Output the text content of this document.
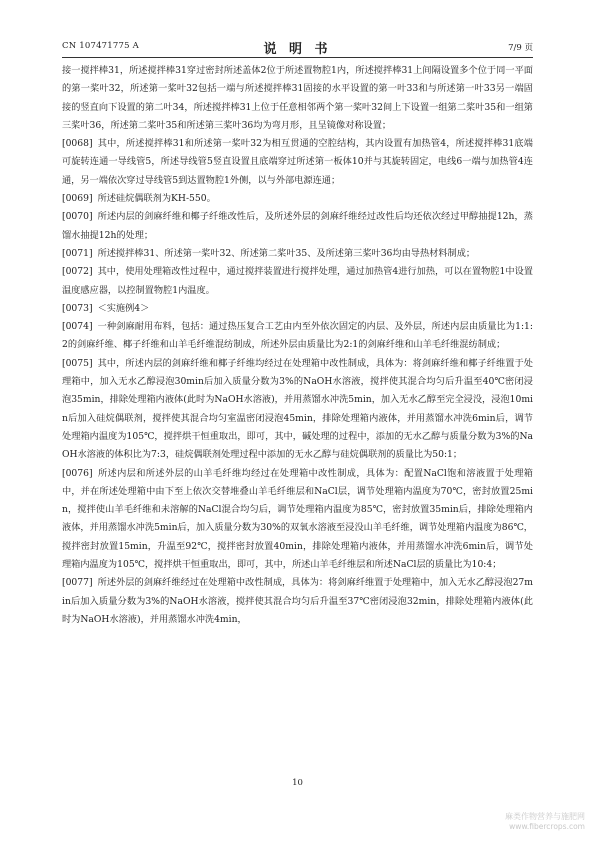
CN 107471775 A	说 明 书	7/9 页

接一搅拌棒31，所述搅拌棒31穿过密封所述盖体2位于所述置物腔1内，所述搅拌棒31上间隔设置多个位于同一平面的第一桨叶32，所述第一桨叶32包括一端与所述搅拌棒31固接的水平设置的第一叶33和与所述第一叶33另一端固接的竖直向下设置的第二叶34，所述搅拌棒31上位于任意相邻两个第一桨叶32间上下设置一组第二桨叶35和一组第三桨叶36，所述第二桨叶35和所述第三桨叶36均为弯月形，且呈镜像对称设置；

[0068] 其中，所述搅拌棒31和所述第一桨叶32为相互贯通的空腔结构，其内设置有加热管4，所述搅拌棒31底端可旋转连通一导线管5，所述导线管5竖直设置且底端穿过所述第一板体10并与其旋转固定，电线6一端与加热管4连通，另一端依次穿过导线管5到达置物腔1外侧，以与外部电源连通；

[0069] 所述硅烷偶联剂为KH-550。

[0070] 所述内层的剑麻纤维和椰子纤维改性后，及所述外层的剑麻纤维经过改性后均还依次经过甲醇抽提12h，蒸馏水抽提12h的处理；

[0071] 所述搅拌棒31、所述第一桨叶32、所述第二桨叶35、及所述第三桨叶36均由导热材料制成；

[0072] 其中，使用处理箱改性过程中，通过搅拌装置进行搅拌处理，通过加热管4进行加热，可以在置物腔1中设置温度感应器，以控制置物腔1内温度。

[0073] ＜实施例4＞

[0074] 一种剑麻耐用布料，包括：通过热压复合工艺由内至外依次固定的内层、及外层，所述内层由质量比为1:1:2的剑麻纤维、椰子纤维和山羊毛纤维混纺制成，所述外层由质量比为2:1的剑麻纤维和山羊毛纤维混纺制成；

[0075] 其中，所述内层的剑麻纤维和椰子纤维均经过在处理箱中改性制成，具体为：将剑麻纤维和椰子纤维置于处理箱中，加入无水乙醇浸泡30min后加入质量分数为3%的NaOH水溶液，搅拌使其混合均匀后升温至40℃密闭浸泡35min，排除处理箱内液体(此时为NaOH水溶液)，并用蒸馏水冲洗5min，加入无水乙醇至完全浸没，浸泡10min后加入硅烷偶联剂，搅拌使其混合均匀室温密闭浸泡45min，排除处理箱内液体，并用蒸馏水冲洗6min后，调节处理箱内温度为105℃，搅拌烘干恒重取出，即可，其中，碱处理的过程中，添加的无水乙醇与质量分数为3%的NaOH水溶液的体积比为7:3，硅烷偶联剂处理过程中添加的无水乙醇与硅烷偶联剂的质量比为50:1；

[0076] 所述内层和所述外层的山羊毛纤维均经过在处理箱中改性制成，具体为：配置NaCl饱和溶液置于处理箱中，并在所述处理箱中由下至上依次交替堆叠山羊毛纤维层和NaCl层，调节处理箱内温度为70℃，密封放置25min，搅拌使山羊毛纤维和未溶解的NaCl混合均匀后，调节处理箱内温度为85℃，密封放置35min后，排除处理箱内液体，并用蒸馏水冲洗5min后，加入质量分数为30%的双氧水溶液至浸没山羊毛纤维，调节处理箱内温度为86℃，搅拌密封放置15min，升温至92℃，搅拌密封放置40min，排除处理箱内液体，并用蒸馏水冲洗6min后，调节处理箱内温度为105℃，搅拌烘干恒重取出，即可，其中，所述山羊毛纤维层和所述NaCl层的质量比为10:4；

[0077] 所述外层的剑麻纤维经过在处理箱中改性制成，具体为：将剑麻纤维置于处理箱中，加入无水乙醇浸泡27min后加入质量分数为3%的NaOH水溶液，搅拌使其混合均匀后升温至37℃密闭浸泡32min，排除处理箱内液体(此时为NaOH水溶液)，并用蒸馏水冲洗4min，

10
麻类作物营养与施肥网
www.fibercrops.com
